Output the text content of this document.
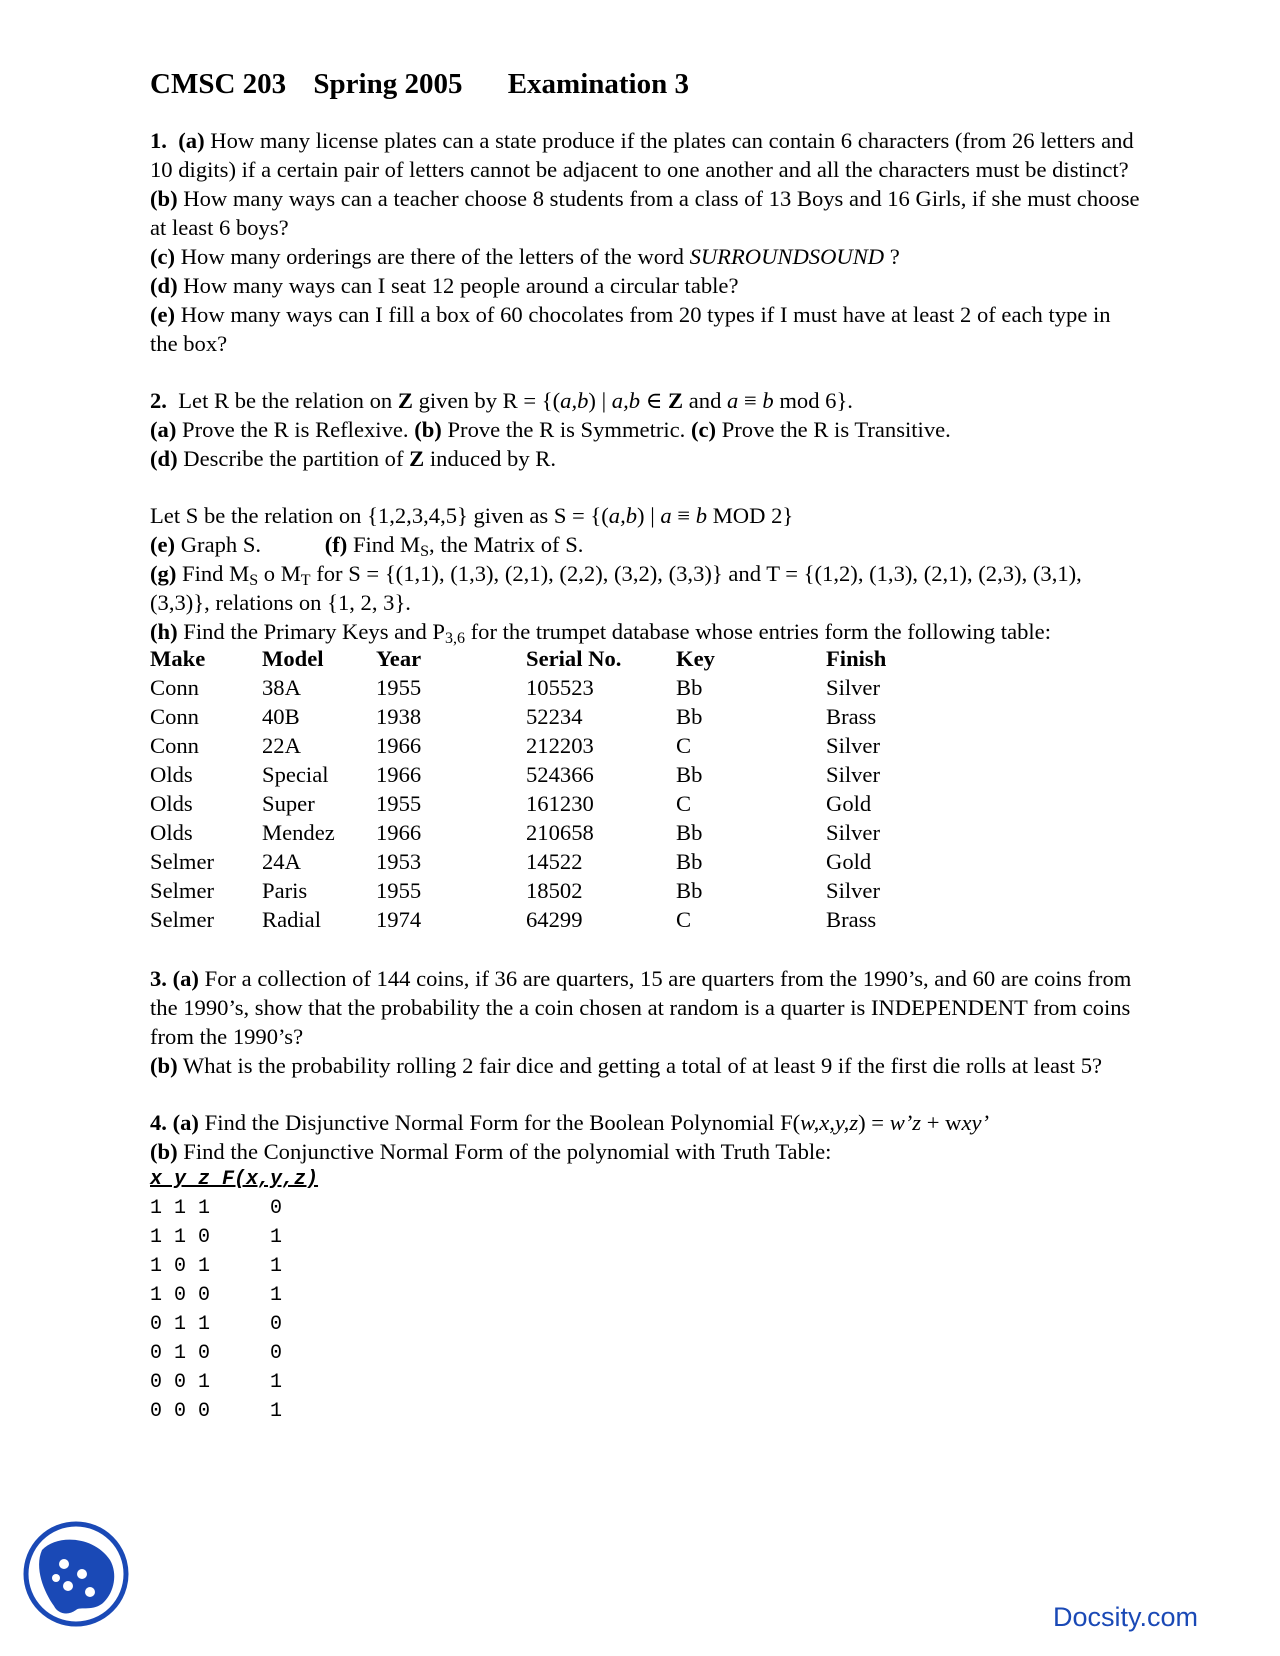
CMSC 203 Spring 2005 Examination 3

1. (a) How many license plates can a state produce if the plates can contain 6 characters (from 26 letters and 10 digits) if a certain pair of letters cannot be adjacent to one another and all the characters must be distinct?

(b) How many ways can a teacher choose 8 students from a class of 13 Boys and 16 Girls, if she must choose at least 6 boys?

(c) How many orderings are there of the letters of the word SURROUNDSOUND ?

(d) How many ways can I seat 12 people around a circular table?

(e) How many ways can I fill a box of 60 chocolates from 20 types if I must have at least 2 of each type in the box?

2. Let R be the relation on Z given by R = {(a,b) | a,b ∈ Z and a ≡ b mod 6}.

(a) Prove the R is Reflexive. (b) Prove the R is Symmetric. (c) Prove the R is Transitive.

(d) Describe the partition of Z induced by R.

Let S be the relation on {1,2,3,4,5} given as S = {(a,b) | a ≡ b MOD 2}

(e) Graph S.	(f) Find $M_S$, the Matrix of S.

(g) Find $M_S$ o $M_T$ for S = {(1,1), (1,3), (2,1), (2,2), (3,2), (3,3)} and T = {(1,2), (1,3), (2,1), (2,3), (3,1), (3,3)}, relations on {1, 2, 3}.

(h) Find the Primary Keys and $P_{3,6}$ for the trumpet database whose entries form the following table:

Make	Model	Year	Serial No.	Key	Finish
Conn	38A	1955	105523	Bb	Silver
Conn	40B	1938	52234	Bb	Brass
Conn	22A	1966	212203	C	Silver
Olds	Special	1966	524366	Bb	Silver
Olds	Super	1955	161230	C	Gold
Olds	Mendez	1966	210658	Bb	Silver
Selmer	24A	1953	14522	Bb	Gold
Selmer	Paris	1955	18502	Bb	Silver
Selmer	Radial	1974	64299	C	Brass

3. (a) For a collection of 144 coins, if 36 are quarters, 15 are quarters from the 1990’s, and 60 are coins from the 1990’s, show that the probability the a coin chosen at random is a quarter is INDEPENDENT from coins from the 1990’s?

(b) What is the probability rolling 2 fair dice and getting a total of at least 9 if the first die rolls at least 5?

4. (a) Find the Disjunctive Normal Form for the Boolean Polynomial F(w,x,y,z) = w’z + wxy’

(b) Find the Conjunctive Normal Form of the polynomial with Truth Table:

x y z F(x,y,z)
1 1 1     0
1 1 0     1
1 0 1     1
1 0 0     1
0 1 1     0
0 1 0     0
0 0 1     1
0 0 0     1
Docsity.com
